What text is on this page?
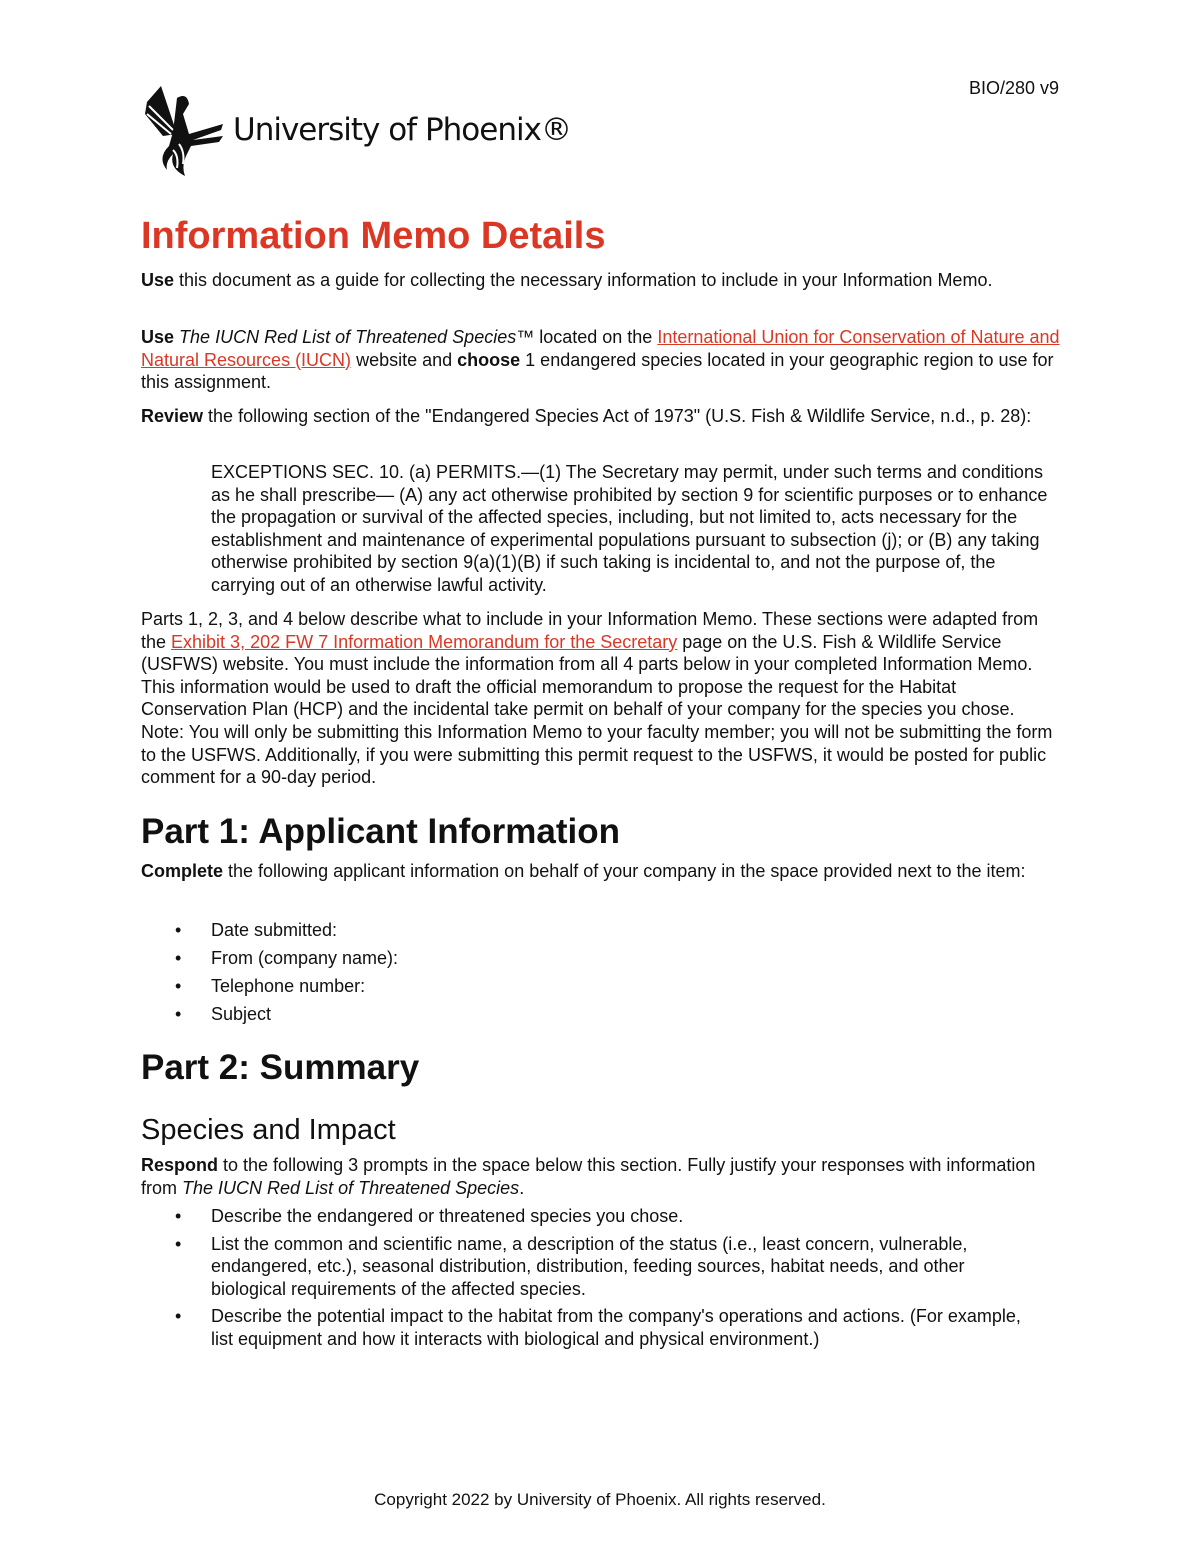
BIO/280 v9
University of Phoenix®
Information Memo Details

Use this document as a guide for collecting the necessary information to include in your Information Memo.

Use The IUCN Red List of Threatened Species™ located on the International Union for Conservation of Nature and Natural Resources (IUCN) website and choose 1 endangered species located in your geographic region to use for this assignment.

Review the following section of the "Endangered Species Act of 1973" (U.S. Fish & Wildlife Service, n.d., p. 28):

EXCEPTIONS SEC. 10. (a) PERMITS.—(1) The Secretary may permit, under such terms and conditions as he shall prescribe— (A) any act otherwise prohibited by section 9 for scientific purposes or to enhance the propagation or survival of the affected species, including, but not limited to, acts necessary for the establishment and maintenance of experimental populations pursuant to subsection (j); or (B) any taking otherwise prohibited by section 9(a)(1)(B) if such taking is incidental to, and not the purpose of, the carrying out of an otherwise lawful activity.

Parts 1, 2, 3, and 4 below describe what to include in your Information Memo. These sections were adapted from the Exhibit 3, 202 FW 7 Information Memorandum for the Secretary page on the U.S. Fish & Wildlife Service (USFWS) website. You must include the information from all 4 parts below in your completed Information Memo. This information would be used to draft the official memorandum to propose the request for the Habitat Conservation Plan (HCP) and the incidental take permit on behalf of your company for the species you chose. Note: You will only be submitting this Information Memo to your faculty member; you will not be submitting the form to the USFWS. Additionally, if you were submitting this permit request to the USFWS, it would be posted for public comment for a 90-day period.

Part 1: Applicant Information

Complete the following applicant information on behalf of your company in the space provided next to the item:

• Date submitted:
• From (company name):
• Telephone number:
• Subject
Part 2: Summary
Species and Impact

Respond to the following 3 prompts in the space below this section. Fully justify your responses with information from The IUCN Red List of Threatened Species.

• Describe the endangered or threatened species you chose.
• List the common and scientific name, a description of the status (i.e., least concern, vulnerable, endangered, etc.), seasonal distribution, distribution, feeding sources, habitat needs, and other biological requirements of the affected species.
• Describe the potential impact to the habitat from the company's operations and actions. (For example, list equipment and how it interacts with biological and physical environment.)
Copyright 2022 by University of Phoenix. All rights reserved.
